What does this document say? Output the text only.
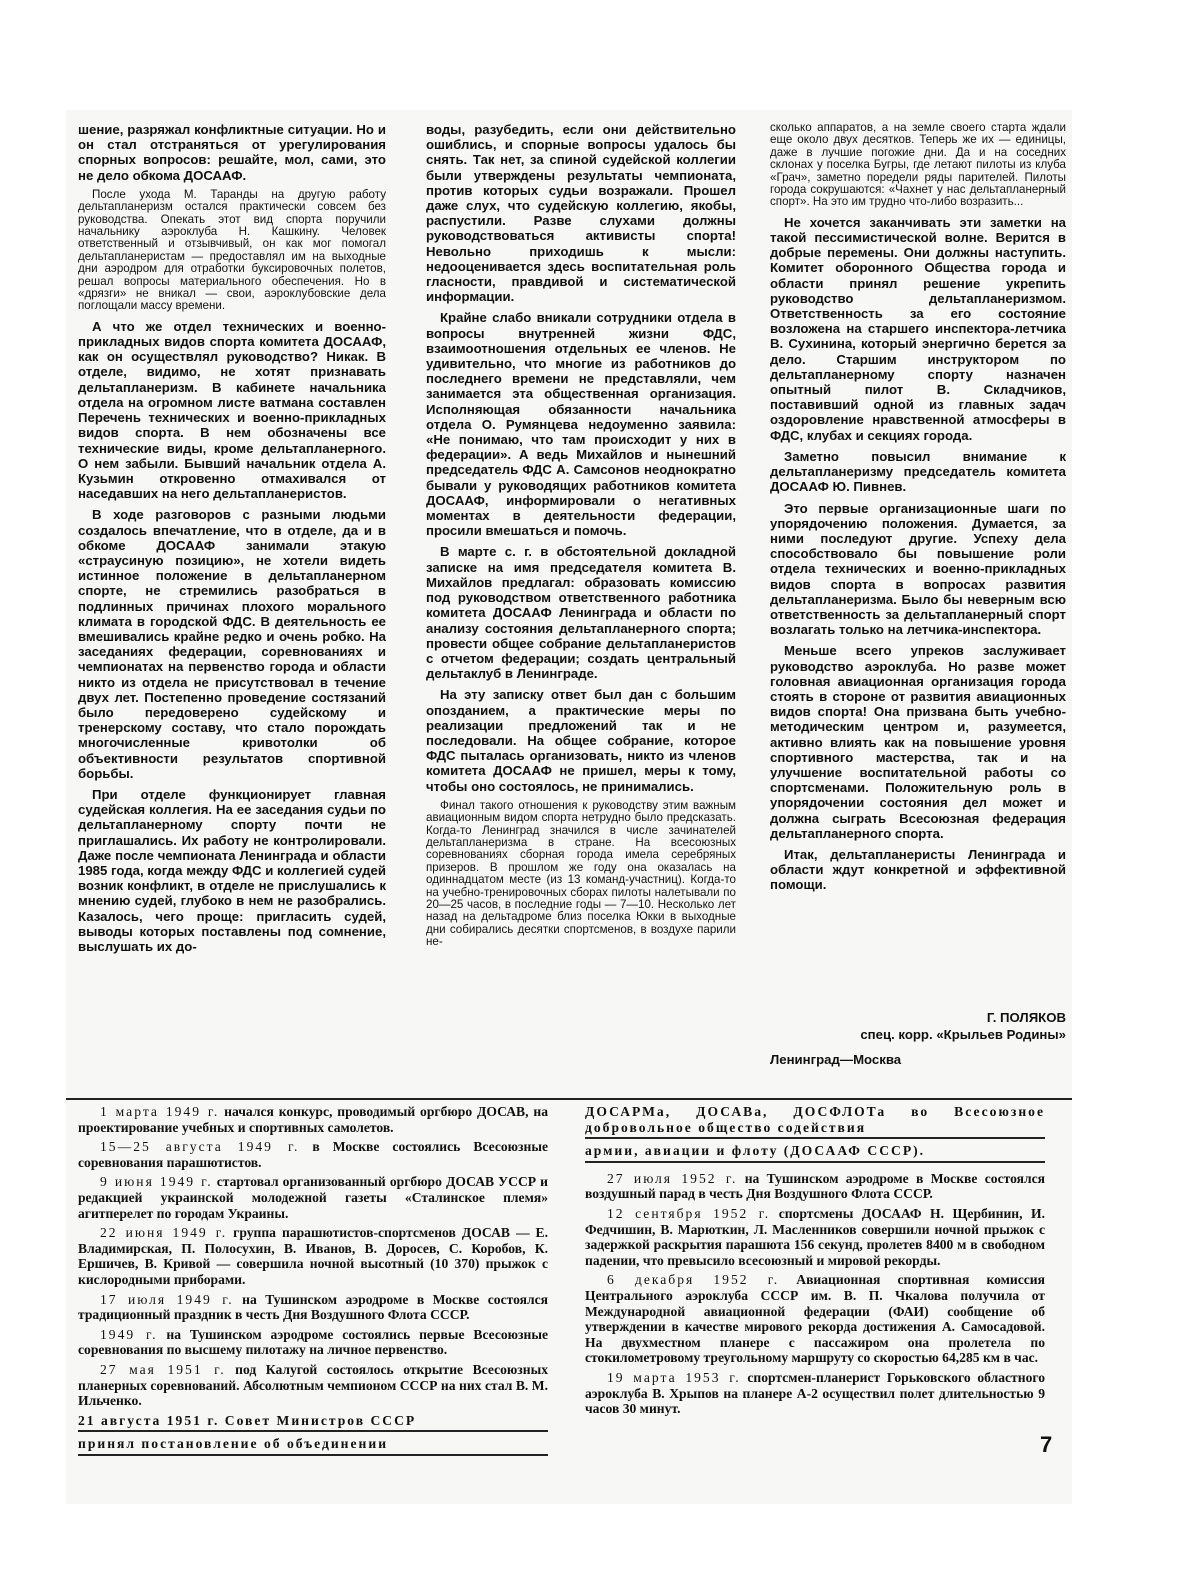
шение, разряжал конфликтные ситуации. Но и он стал отстраняться от урегулирования спорных вопросов: решайте, мол, сами, это не дело обкома ДОСААФ.

После ухода М. Таранды на другую работу дельтапланеризм остался практически совсем без руководства. Опекать этот вид спорта поручили начальнику аэроклуба Н. Кашкину. Человек ответственный и отзывчивый, он как мог помогал дельтапланеристам — предоставлял им на выходные дни аэродром для отработки буксировочных полетов, решал вопросы материального обеспечения. Но в «дрязги» не вникал — свои, аэроклубовские дела поглощали массу времени.

А что же отдел технических и военно-прикладных видов спорта комитета ДОСААФ, как он осуществлял руководство? Никак. В отделе, видимо, не хотят признавать дельтапланеризм. В кабинете начальника отдела на огромном листе ватмана составлен Перечень технических и военно-прикладных видов спорта. В нем обозначены все технические виды, кроме дельтапланерного. О нем забыли. Бывший начальник отдела А. Кузьмин откровенно отмахивался от наседавших на него дельтапланеристов.

В ходе разговоров с разными людьми создалось впечатление, что в отделе, да и в обкоме ДОСААФ занимали этакую «страусиную позицию», не хотели видеть истинное положение в дельтапланерном спорте, не стремились разобраться в подлинных причинах плохого морального климата в городской ФДС. В деятельность ее вмешивались крайне редко и очень робко. На заседаниях федерации, соревнованиях и чемпионатах на первенство города и области никто из отдела не присутствовал в течение двух лет. Постепенно проведение состязаний было передоверено судейскому и тренерскому составу, что стало порождать многочисленные кривотолки об объективности результатов спортивной борьбы.

При отделе функционирует главная судейская коллегия. На ее заседания судьи по дельтапланерному спорту почти не приглашались. Их работу не контролировали. Даже после чемпионата Ленинграда и области 1985 года, когда между ФДС и коллегией судей возник конфликт, в отделе не прислушались к мнению судей, глубоко в нем не разобрались. Казалось, чего проще: пригласить судей, выводы которых поставлены под сомнение, выслушать их до-

воды, разубедить, если они действительно ошиблись, и спорные вопросы удалось бы снять. Так нет, за спиной судейской коллегии были утверждены результаты чемпионата, против которых судьи возражали. Прошел даже слух, что судейскую коллегию, якобы, распустили. Разве слухами должны руководствоваться активисты спорта! Невольно приходишь к мысли: недооценивается здесь воспитательная роль гласности, правдивой и систематической информации.

Крайне слабо вникали сотрудники отдела в вопросы внутренней жизни ФДС, взаимоотношения отдельных ее членов. Не удивительно, что многие из работников до последнего времени не представляли, чем занимается эта общественная организация. Исполняющая обязанности начальника отдела О. Румянцева недоуменно заявила: «Не понимаю, что там происходит у них в федерации». А ведь Михайлов и нынешний председатель ФДС А. Самсонов неоднократно бывали у руководящих работников комитета ДОСААФ, информировали о негативных моментах в деятельности федерации, просили вмешаться и помочь.

В марте с. г. в обстоятельной докладной записке на имя председателя комитета В. Михайлов предлагал: образовать комиссию под руководством ответственного работника комитета ДОСААФ Ленинграда и области по анализу состояния дельтапланерного спорта; провести общее собрание дельтапланеристов с отчетом федерации; создать центральный дельтаклуб в Ленинграде.

На эту записку ответ был дан с большим опозданием, а практические меры по реализации предложений так и не последовали. На общее собрание, которое ФДС пыталась организовать, никто из членов комитета ДОСААФ не пришел, меры к тому, чтобы оно состоялось, не принимались.

Финал такого отношения к руководству этим важным авиационным видом спорта нетрудно было предсказать. Когда-то Ленинград значился в числе зачинателей дельтапланеризма в стране. На всесоюзных соревнованиях сборная города имела серебряных призеров. В прошлом же году она оказалась на одиннадцатом месте (из 13 команд-участниц). Когда-то на учебно-тренировочных сборах пилоты налетывали по 20—25 часов, в последние годы — 7—10. Несколько лет назад на дельтадроме близ поселка Юкки в выходные дни собирались десятки спортсменов, в воздухе парили не-

сколько аппаратов, а на земле своего старта ждали еще около двух десятков. Теперь же их — единицы, даже в лучшие погожие дни. Да и на соседних склонах у поселка Бугры, где летают пилоты из клуба «Грач», заметно поредели ряды парителей. Пилоты города сокрушаются: «Чахнет у нас дельтапланерный спорт». На это им трудно что-либо возразить...

Не хочется заканчивать эти заметки на такой пессимистической волне. Верится в добрые перемены. Они должны наступить. Комитет оборонного Общества города и области принял решение укрепить руководство дельтапланеризмом. Ответственность за его состояние возложена на старшего инспектора-летчика В. Сухинина, который энергично берется за дело. Старшим инструктором по дельтапланерному спорту назначен опытный пилот В. Складчиков, поставивший одной из главных задач оздоровление нравственной атмосферы в ФДС, клубах и секциях города.

Заметно повысил внимание к дельтапланеризму председатель комитета ДОСААФ Ю. Пивнев.

Это первые организационные шаги по упорядочению положения. Думается, за ними последуют другие. Успеху дела способствовало бы повышение роли отдела технических и военно-прикладных видов спорта в вопросах развития дельтапланеризма. Было бы неверным всю ответственность за дельтапланерный спорт возлагать только на летчика-инспектора.

Меньше всего упреков заслуживает руководство аэроклуба. Но разве может головная авиационная организация города стоять в стороне от развития авиационных видов спорта! Она призвана быть учебно-методическим центром и, разумеется, активно влиять как на повышение уровня спортивного мастерства, так и на улучшение воспитательной работы со спортсменами. Положительную роль в упорядочении состояния дел может и должна сыграть Всесоюзная федерация дельтапланерного спорта.

Итак, дельтапланеристы Ленинграда и области ждут конкретной и эффективной помощи.

Г. ПОЛЯКОВ
спец. корр. «Крыльев Родины»
Ленинград—Москва

1 марта 1949 г. начался конкурс, проводимый оргбюро ДОСАВ, на проектирование учебных и спортивных самолетов.

15—25 августа 1949 г. в Москве состоялись Всесоюзные соревнования парашютистов.

9 июня 1949 г. стартовал организованный оргбюро ДОСАВ УССР и редакцией украинской молодежной газеты «Сталинское племя» агитперелет по городам Украины.

22 июня 1949 г. группа парашютистов-спортсменов ДОСАВ — Е. Владимирская, П. Полосухин, В. Иванов, В. Доросев, С. Коробов, К. Ершичев, В. Кривой — совершила ночной высотный (10 370) прыжок с кислородными приборами.

17 июля 1949 г. на Тушинском аэродроме в Москве состоялся традиционный праздник в честь Дня Воздушного Флота СССР.

1949 г. на Тушинском аэродроме состоялись первые Всесоюзные соревнования по высшему пилотажу на личное первенство.

27 мая 1951 г. под Калугой состоялось открытие Всесоюзных планерных соревнований. Абсолютным чемпионом СССР на них стал В. М. Ильченко.

21 августа 1951 г. Совет Министров СССР

принял постановление об объединении

ДОСАРМа, ДОСАВа, ДОСФЛОТа во Всесоюзное добровольное общество содействия

армии, авиации и флоту (ДОСААФ СССР).

27 июля 1952 г. на Тушинском аэродроме в Москве состоялся воздушный парад в честь Дня Воздушного Флота СССР.

12 сентября 1952 г. спортсмены ДОСААФ Н. Щербинин, И. Федчишин, В. Марюткин, Л. Масленников совершили ночной прыжок с задержкой раскрытия парашюта 156 секунд, пролетев 8400 м в свободном падении, что превысило всесоюзный и мировой рекорды.

6 декабря 1952 г. Авиационная спортивная комиссия Центрального аэроклуба СССР им. В. П. Чкалова получила от Международной авиационной федерации (ФАИ) сообщение об утверждении в качестве мирового рекорда достижения А. Самосадовой. На двухместном планере с пассажиром она пролетела по стокилометровому треугольному маршруту со скоростью 64,285 км в час.

19 марта 1953 г. спортсмен-планерист Горьковского областного аэроклуба В. Хрыпов на планере А-2 осуществил полет длительностью 9 часов 30 минут.

7
